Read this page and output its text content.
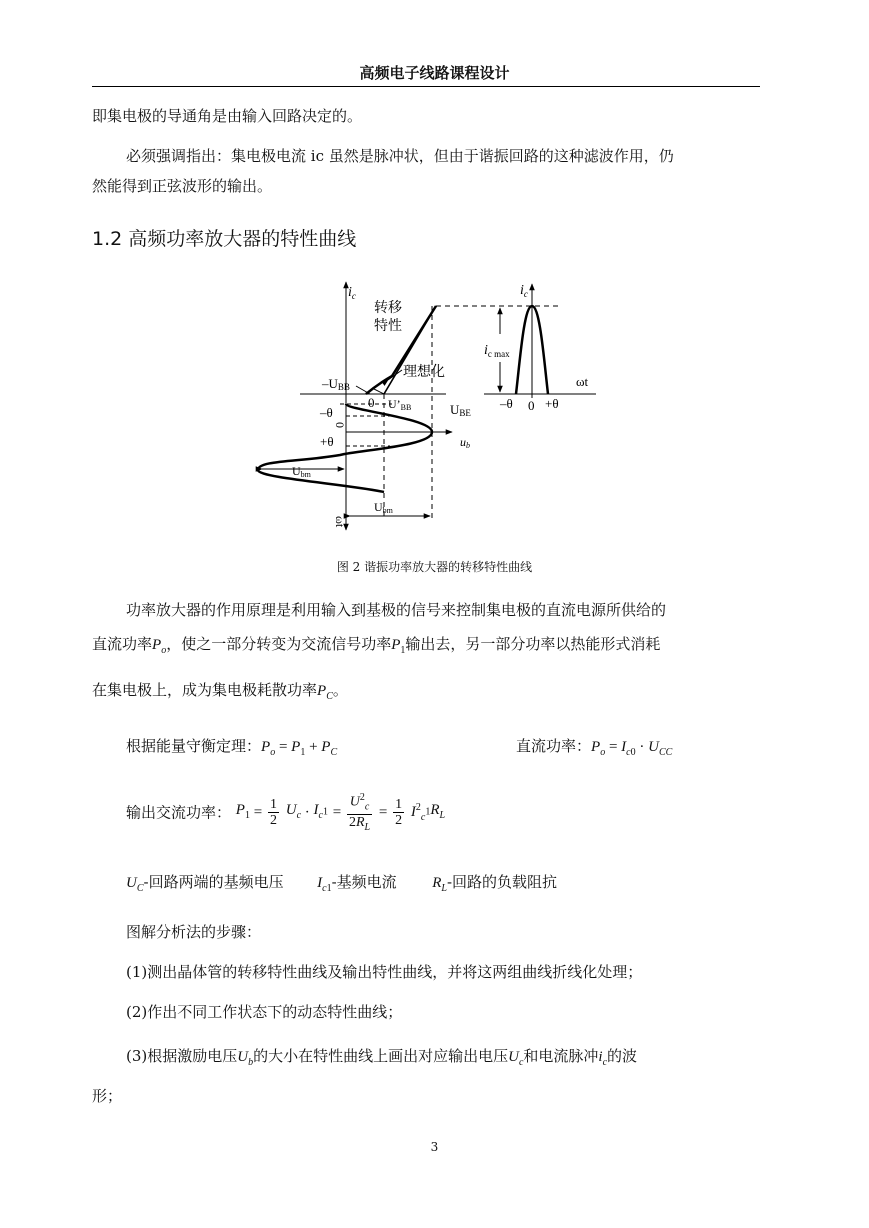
高频电子线路课程设计
即集电极的导通角是由输入回路决定的。
必须强调指出：集电极电流 ic 虽然是脉冲状，但由于谐振回路的这种滤波作用，仍
然能得到正弦波形的输出。
1.2 高频功率放大器的特性曲线
$i_c$
转移
特性
理想化
–UBB
0 U’BB	UBE
–θ
0
+θ	ub
Ubm
Ubm
ωt
$i_c$
$i_{c max}$
ωt
–θ 0 +θ
图 2 谐振功率放大器的转移特性曲线
功率放大器的作用原理是利用输入到基极的信号来控制集电极的直流电源所供给的
直流功率$P_o$，使之一部分转变为交流信号功率$P_1$输出去，另一部分功率以热能形式消耗
在集电极上，成为集电极耗散功率$P_C$。
根据能量守衡定理：$P_o = P_1 + P_C$	直流功率：$P_o = I_{c0} \cdot U_{CC}$
输出交流功率： $P_1 = \frac{1}{2} U_c \cdot I_c1 = \frac{U^2_c}{2R_L} = \frac{1}{2} I^2_c1R_L$
$U_C-$回路两端的基频电压 $I_{c1}-$基频电流 $R_L-$回路的负载阻抗
图解分析法的步骤：
(1)测出晶体管的转移特性曲线及输出特性曲线，并将这两组曲线折线化处理；
(2)作出不同工作状态下的动态特性曲线；
(3)根据激励电压$U_b$的大小在特性曲线上画出对应输出电压$U_c$和电流脉冲$i_c$的波
形；
3
